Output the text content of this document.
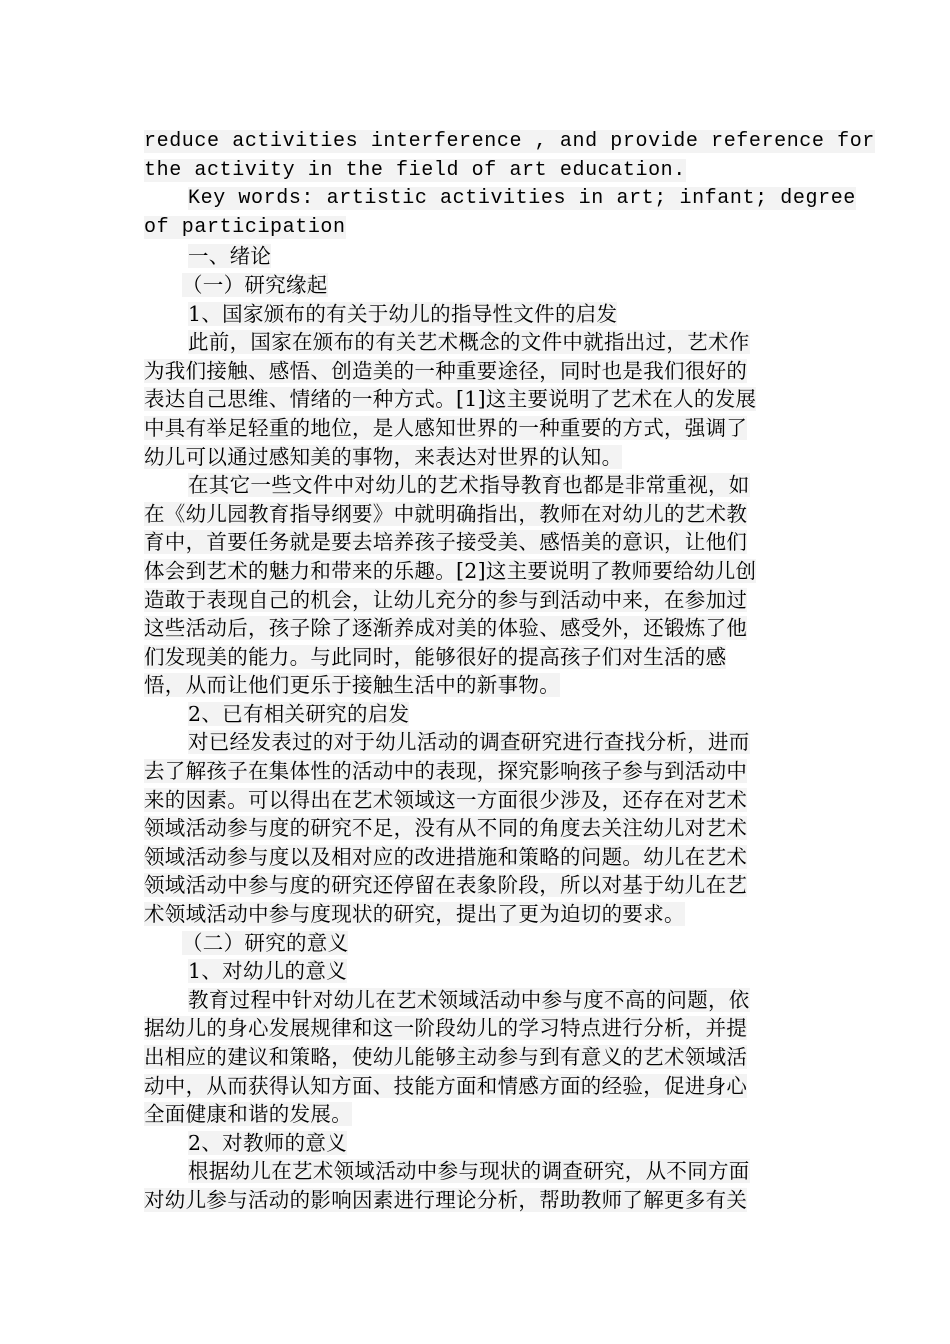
reduce activities interference , and provide reference for
the activity in the field of art education.
Key words: artistic activities in art; infant; degree
of participation
一、绪论
（一）研究缘起
1、国家颁布的有关于幼儿的指导性文件的启发
此前，国家在颁布的有关艺术概念的文件中就指出过，艺术作
为我们接触、感悟、创造美的一种重要途径，同时也是我们很好的
表达自己思维、情绪的一种方式。[1]这主要说明了艺术在人的发展
中具有举足轻重的地位，是人感知世界的一种重要的方式，强调了
幼儿可以通过感知美的事物，来表达对世界的认知。
在其它一些文件中对幼儿的艺术指导教育也都是非常重视，如
在《幼儿园教育指导纲要》中就明确指出，教师在对幼儿的艺术教
育中，首要任务就是要去培养孩子接受美、感悟美的意识，让他们
体会到艺术的魅力和带来的乐趣。[2]这主要说明了教师要给幼儿创
造敢于表现自己的机会，让幼儿充分的参与到活动中来，在参加过
这些活动后，孩子除了逐渐养成对美的体验、感受外，还锻炼了他
们发现美的能力。与此同时，能够很好的提高孩子们对生活的感
悟，从而让他们更乐于接触生活中的新事物。
2、已有相关研究的启发
对已经发表过的对于幼儿活动的调查研究进行查找分析，进而
去了解孩子在集体性的活动中的表现，探究影响孩子参与到活动中
来的因素。可以得出在艺术领域这一方面很少涉及，还存在对艺术
领域活动参与度的研究不足，没有从不同的角度去关注幼儿对艺术
领域活动参与度以及相对应的改进措施和策略的问题。幼儿在艺术
领域活动中参与度的研究还停留在表象阶段，所以对基于幼儿在艺
术领域活动中参与度现状的研究，提出了更为迫切的要求。
（二）研究的意义
1、对幼儿的意义
教育过程中针对幼儿在艺术领域活动中参与度不高的问题，依
据幼儿的身心发展规律和这一阶段幼儿的学习特点进行分析，并提
出相应的建议和策略，使幼儿能够主动参与到有意义的艺术领域活
动中，从而获得认知方面、技能方面和情感方面的经验，促进身心
全面健康和谐的发展。
2、对教师的意义
根据幼儿在艺术领域活动中参与现状的调查研究，从不同方面
对幼儿参与活动的影响因素进行理论分析，帮助教师了解更多有关
